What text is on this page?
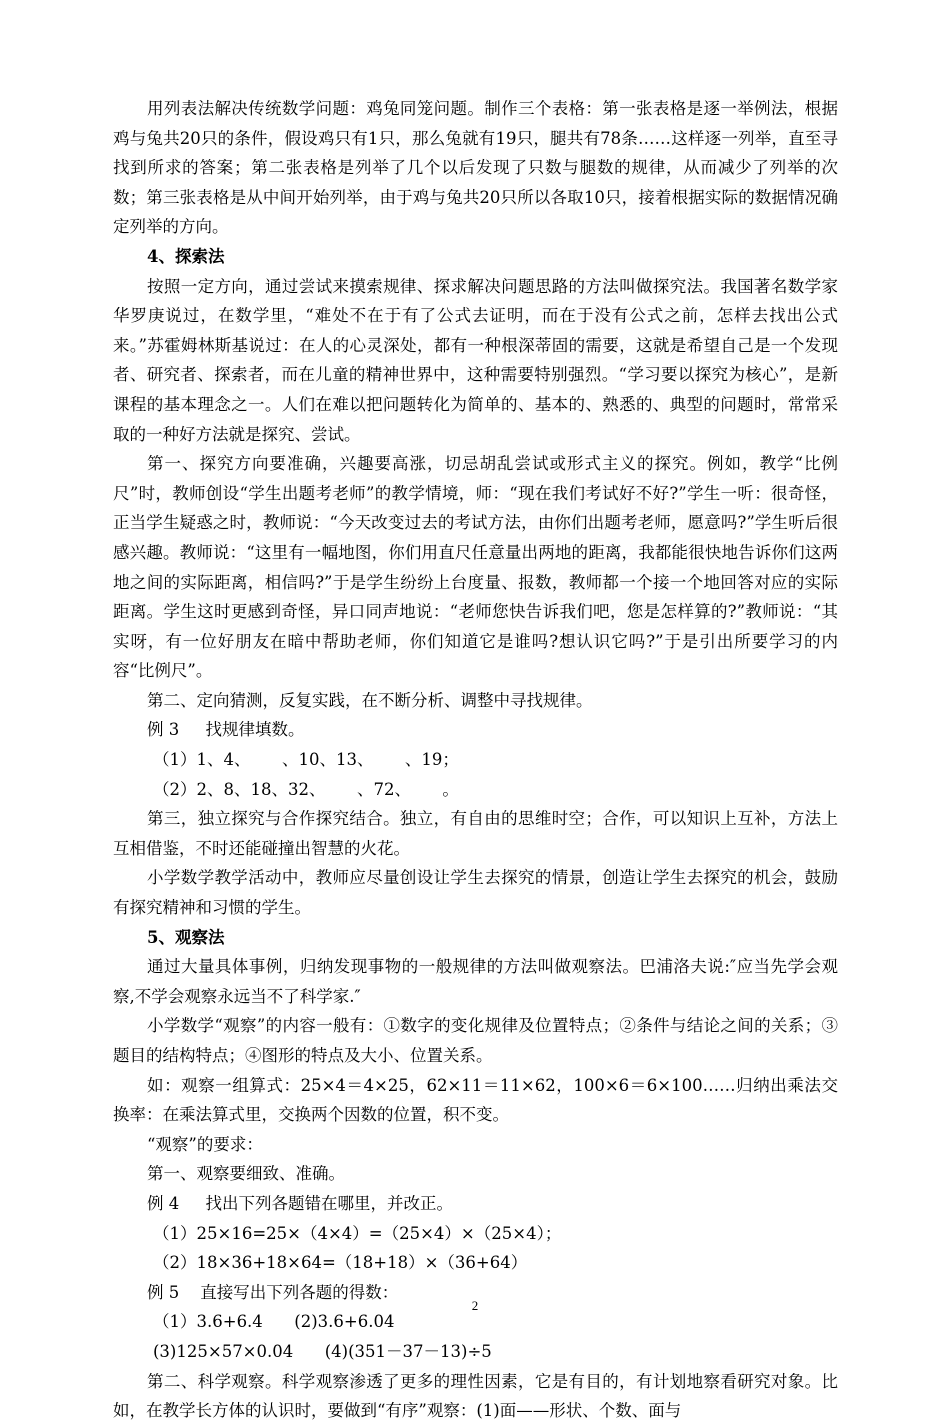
用列表法解决传统数学问题：鸡兔同笼问题。制作三个表格：第一张表格是逐一举例法，根据鸡与兔共20只的条件，假设鸡只有1只，那么兔就有19只，腿共有78条……这样逐一列举，直至寻找到所求的答案；第二张表格是列举了几个以后发现了只数与腿数的规律，从而减少了列举的次数；第三张表格是从中间开始列举，由于鸡与兔共20只所以各取10只，接着根据实际的数据情况确定列举的方向。

4、探索法

按照一定方向，通过尝试来摸索规律、探求解决问题思路的方法叫做探究法。我国著名数学家华罗庚说过，在数学里，“难处不在于有了公式去证明，而在于没有公式之前，怎样去找出公式来。”苏霍姆林斯基说过：在人的心灵深处，都有一种根深蒂固的需要，这就是希望自己是一个发现者、研究者、探索者，而在儿童的精神世界中，这种需要特别强烈。“学习要以探究为核心”，是新课程的基本理念之一。人们在难以把问题转化为简单的、基本的、熟悉的、典型的问题时，常常采取的一种好方法就是探究、尝试。

第一、探究方向要准确，兴趣要高涨，切忌胡乱尝试或形式主义的探究。例如，教学“比例尺”时，教师创设“学生出题考老师”的教学情境，师：“现在我们考试好不好?”学生一听：很奇怪，正当学生疑惑之时，教师说：“今天改变过去的考试方法，由你们出题考老师，愿意吗?”学生听后很感兴趣。教师说：“这里有一幅地图，你们用直尺任意量出两地的距离，我都能很快地告诉你们这两地之间的实际距离，相信吗?”于是学生纷纷上台度量、报数，教师都一个接一个地回答对应的实际距离。学生这时更感到奇怪，异口同声地说：“老师您快告诉我们吧，您是怎样算的?”教师说：“其实呀，有一位好朋友在暗中帮助老师，你们知道它是谁吗?想认识它吗?”于是引出所要学习的内容“比例尺”。

第二、定向猜测，反复实践，在不断分析、调整中寻找规律。

例 3     找规律填数。

（1）1、4、      、10、13、      、19；

（2）2、8、18、32、      、72、      。

第三，独立探究与合作探究结合。独立，有自由的思维时空；合作，可以知识上互补，方法上互相借鉴，不时还能碰撞出智慧的火花。

小学数学教学活动中，教师应尽量创设让学生去探究的情景，创造让学生去探究的机会，鼓励有探究精神和习惯的学生。

5、观察法

通过大量具体事例，归纳发现事物的一般规律的方法叫做观察法。巴浦洛夫说:″应当先学会观察,不学会观察永远当不了科学家.″

小学数学“观察”的内容一般有：①数字的变化规律及位置特点；②条件与结论之间的关系；③题目的结构特点；④图形的特点及大小、位置关系。

如：观察一组算式：25×4＝4×25，62×11＝11×62，100×6＝6×100……归纳出乘法交换率：在乘法算式里，交换两个因数的位置，积不变。

“观察”的要求：

第一、观察要细致、准确。

例 4     找出下列各题错在哪里，并改正。

（1）25×16=25×（4×4）=（25×4）×（25×4）；

（2）18×36+18×64=（18+18）×（36+64）

例 5    直接写出下列各题的得数：

（1）3.6+6.4      (2)3.6+6.04

(3)125×57×0.04      (4)(351－37－13)÷5

第二、科学观察。科学观察渗透了更多的理性因素，它是有目的，有计划地察看研究对象。比如，在教学长方体的认识时，要做到“有序”观察：(1)面——形状、个数、面与

2
